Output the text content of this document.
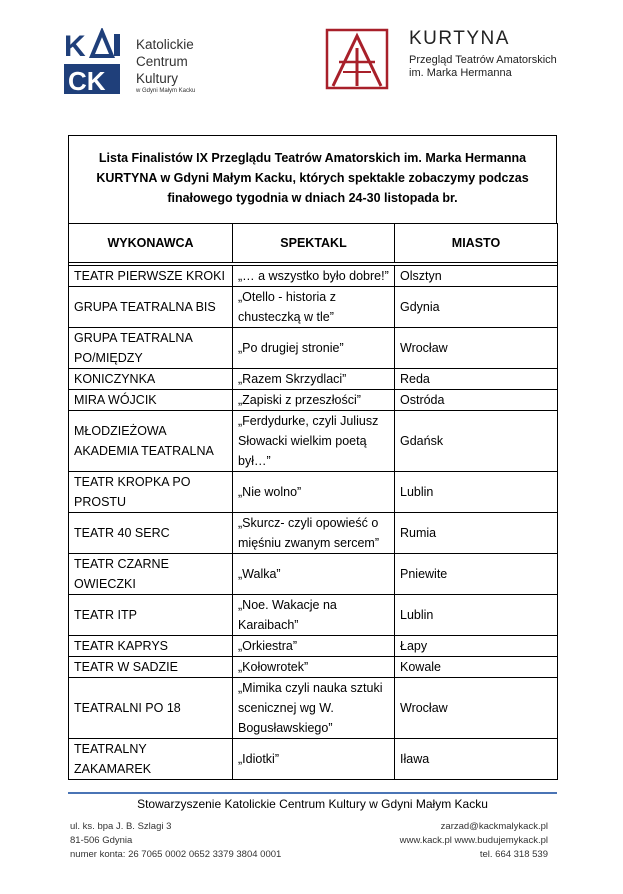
K
CK
Katolickie
Centrum
Kultury
w Gdyni Małym Kacku
KURTYNA
Przegląd Teatrów Amatorskich
im. Marka Hermanna
Lista Finalistów IX Przeglądu Teatrów Amatorskich im. Marka Hermanna
KURTYNA w Gdyni Małym Kacku, których spektakle zobaczymy podczas
finałowego tygodnia w dniach 24-30 listopada br.
WYKONAWCA	SPEKTAKL	MIASTO

TEATR PIERWSZE KROKI	„… a wszystko było dobre!”	Olsztyn
GRUPA TEATRALNA BIS	„Otello - historia z chusteczką w tle”	Gdynia
GRUPA TEATRALNA PO/MIĘDZY	„Po drugiej stronie”	Wrocław
KONICZYNKA	„Razem Skrzydlaci”	Reda
MIRA WÓJCIK	„Zapiski z przeszłości”	Ostróda
MŁODZIEŻOWA AKADEMIA TEATRALNA	„Ferdydurke, czyli Juliusz Słowacki wielkim poetą był…”	Gdańsk
TEATR KROPKA PO PROSTU	„Nie wolno”	Lublin
TEATR 40 SERC	„Skurcz- czyli opowieść o mięśniu zwanym sercem”	Rumia
TEATR CZARNE OWIECZKI	„Walka”	Pniewite
TEATR ITP	„Noe. Wakacje na Karaibach”	Lublin
TEATR KAPRYS	„Orkiestra”	Łapy
TEATR W SADZIE	„Kołowrotek”	Kowale
TEATRALNI PO 18	„Mimika czyli nauka sztuki scenicznej wg W. Bogusławskiego”	Wrocław
TEATRALNY ZAKAMAREK	„Idiotki”	Iława
Stowarzyszenie Katolickie Centrum Kultury w Gdyni Małym Kacku
ul. ks. bpa J. B. Szlagi 3
81-506 Gdynia
numer konta: 26 7065 0002 0652 3379 3804 0001
zarzad@kackmalykack.pl
www.kack.pl www.budujemykack.pl
tel. 664 318 539
